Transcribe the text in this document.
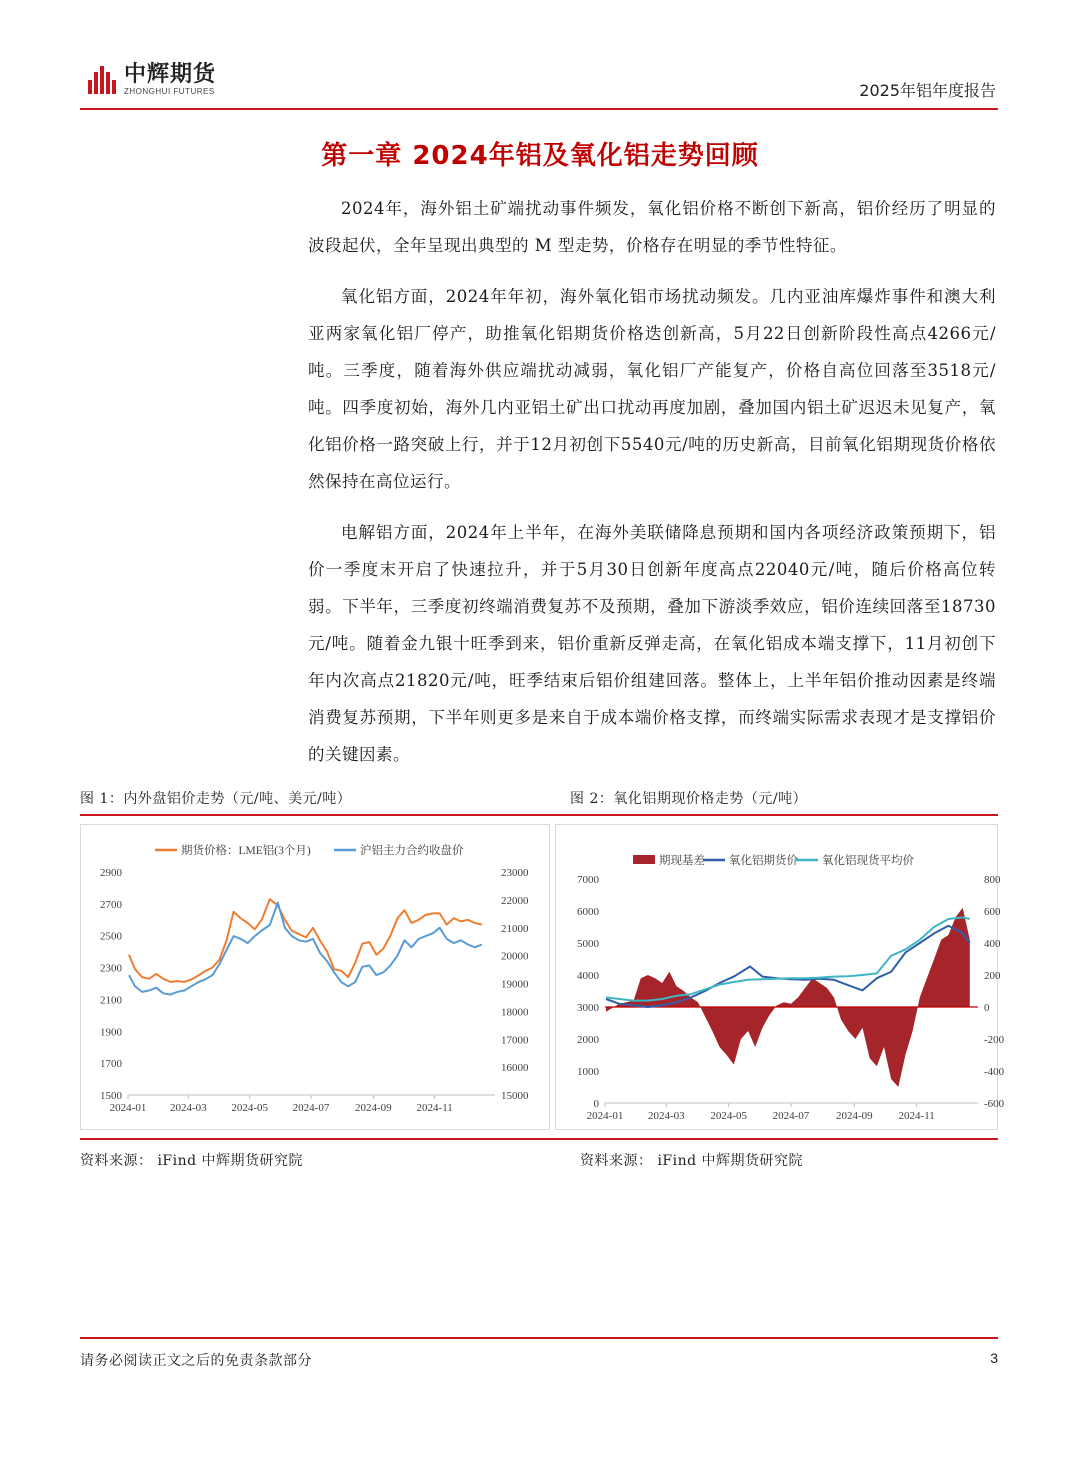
中辉期货
ZHONGHUI FUTURES	2025年铝年度报告
第一章 2024年铝及氧化铝走势回顾

2024年，海外铝土矿端扰动事件频发，氧化铝价格不断创下新高，铝价经历了明显的波段起伏，全年呈现出典型的 M 型走势，价格存在明显的季节性特征。

氧化铝方面，2024年年初，海外氧化铝市场扰动频发。几内亚油库爆炸事件和澳大利亚两家氧化铝厂停产，助推氧化铝期货价格迭创新高，5月22日创新阶段性高点4266元/吨。三季度，随着海外供应端扰动减弱，氧化铝厂产能复产，价格自高位回落至3518元/吨。四季度初始，海外几内亚铝土矿出口扰动再度加剧，叠加国内铝土矿迟迟未见复产，氧化铝价格一路突破上行，并于12月初创下5540元/吨的历史新高，目前氧化铝期现货价格依然保持在高位运行。

电解铝方面，2024年上半年，在海外美联储降息预期和国内各项经济政策预期下，铝价一季度末开启了快速拉升，并于5月30日创新年度高点22040元/吨，随后价格高位转弱。下半年，三季度初终端消费复苏不及预期，叠加下游淡季效应，铝价连续回落至18730元/吨。随着金九银十旺季到来，铝价重新反弹走高，在氧化铝成本端支撑下，11月初创下年内次高点21820元/吨，旺季结束后铝价组建回落。整体上，上半年铝价推动因素是终端消费复苏预期，下半年则更多是来自于成本端价格支撑，而终端实际需求表现才是支撑铝价的关键因素。

图 1：内外盘铝价走势（元/吨、美元/吨）	图 2：氧化铝期现价格走势（元/吨）
2900
2700
2500
2300
2100
1900
1700
1500
23000
22000
21000
20000
19000
18000
17000
16000
15000
2024-01 2024-03 2024-05 2024-07 2024-09 2024-11
期货价格：LME铝(3个月)	沪铝主力合约收盘价
7000
6000
5000
4000
3000
2000
1000
0
800
600
400
200
0
-200
-400
-600
2024-01 2024-03 2024-05 2024-07 2024-09 2024-11
期现基差 氧化铝期货价 氧化铝现货平均价
资料来源： iFind 中辉期货研究院	资料来源： iFind 中辉期货研究院
请务必阅读正文之后的免责条款部分	3
